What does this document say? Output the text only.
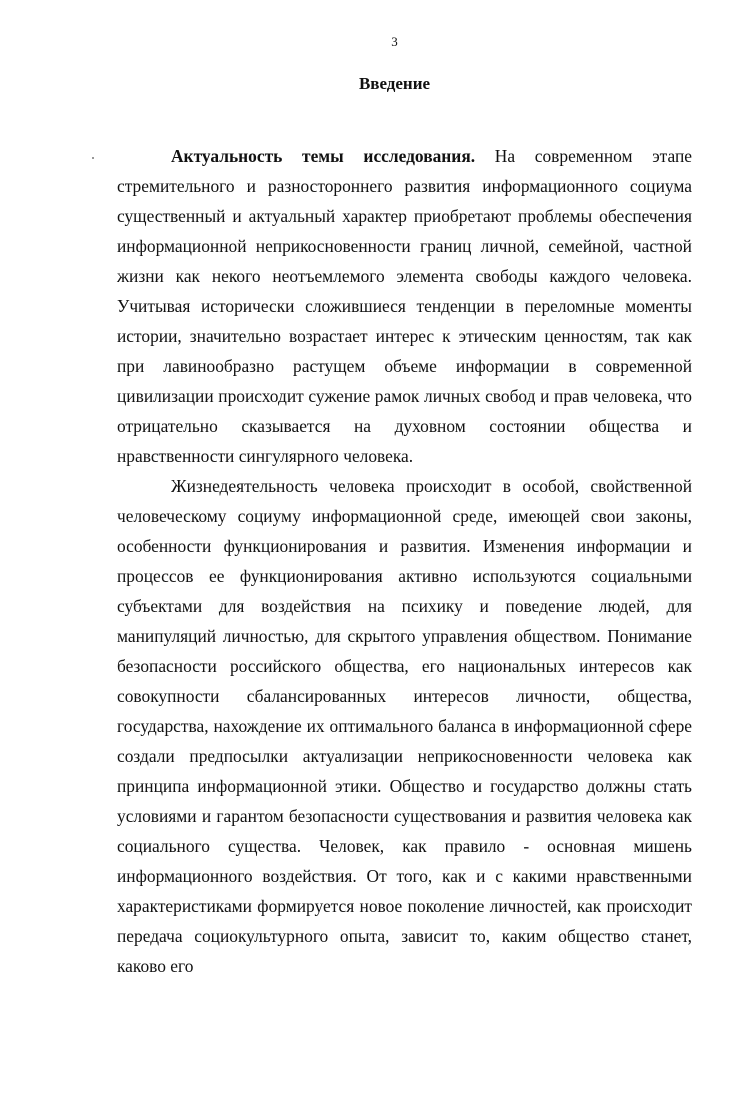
3
Введение

Актуальность темы исследования. На современном этапе стремительного и разностороннего развития информационного социума существенный и актуальный характер приобретают проблемы обеспечения информационной неприкосновенности границ личной, семейной, частной жизни как некого неотъемлемого элемента свободы каждого человека. Учитывая исторически сложившиеся тенденции в переломные моменты истории, значительно возрастает интерес к этическим ценностям, так как при лавинообразно растущем объеме информации в современной цивилизации происходит сужение рамок личных свобод и прав человека, что отрицательно сказывается на духовном состоянии общества и нравственности сингулярного человека.

Жизнедеятельность человека происходит в особой, свойственной человеческому социуму информационной среде, имеющей свои законы, особенности функционирования и развития. Изменения информации и процессов ее функционирования активно используются социальными субъектами для воздействия на психику и поведение людей, для манипуляций личностью, для скрытого управления обществом. Понимание безопасности российского общества, его национальных интересов как совокупности сбалансированных интересов личности, общества, государства, нахождение их оптимального баланса в информационной сфере создали предпосылки актуализации неприкосновенности человека как принципа информационной этики. Общество и государство должны стать условиями и гарантом безопасности существования и развития человека как социального существа. Человек, как правило - основная мишень информационного воздействия. От того, как и с какими нравственными характеристиками формируется новое поколение личностей, как происходит передача социокультурного опыта, зависит то, каким общество станет, каково его
